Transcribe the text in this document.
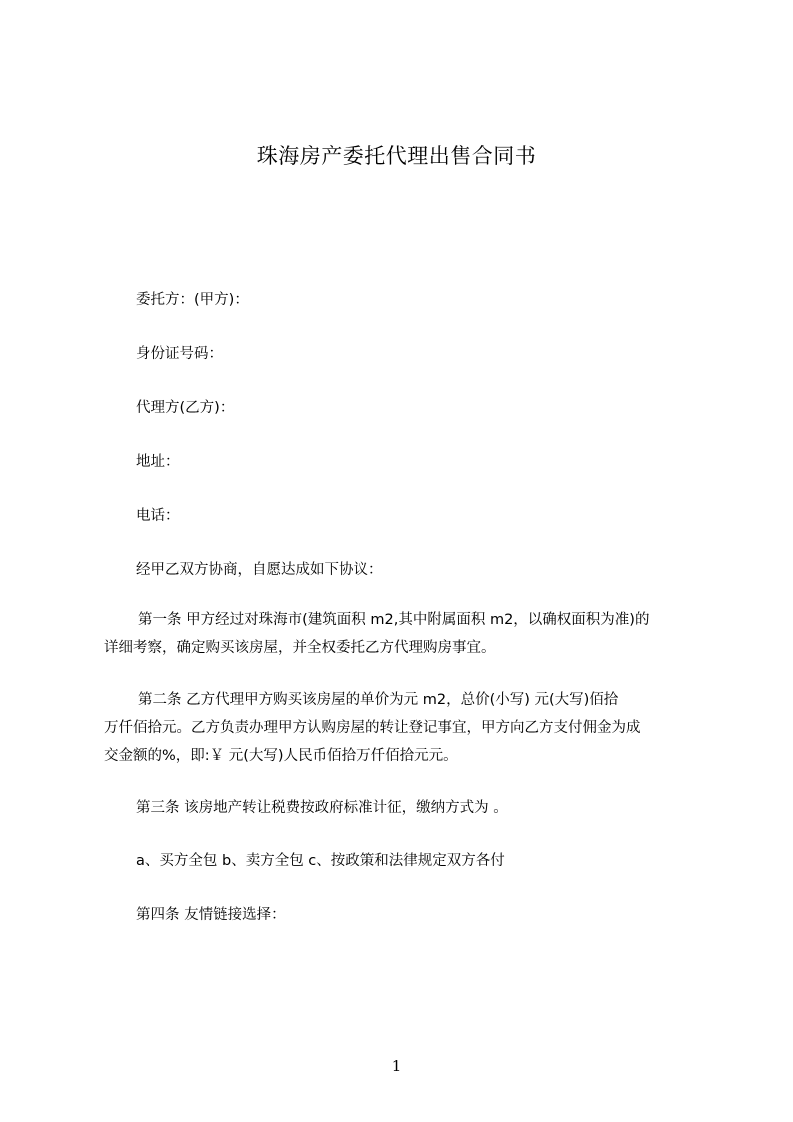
珠海房产委托代理出售合同书
委托方：(甲方)：
身份证号码：
代理方(乙方)：
地址：
电话：
经甲乙双方协商，自愿达成如下协议：
第一条 甲方经过对珠海市(建筑面积 m2,其中附属面积 m2，以确权面积为准)的
详细考察，确定购买该房屋，并全权委托乙方代理购房事宜。
第二条 乙方代理甲方购买该房屋的单价为元 m2，总价(小写) 元(大写)佰拾
万仟佰拾元。乙方负责办理甲方认购房屋的转让登记事宜，甲方向乙方支付佣金为成
交金额的%，即:￥ 元(大写)人民币佰拾万仟佰拾元元。
第三条 该房地产转让税费按政府标准计征，缴纳方式为 。
a、买方全包 b、卖方全包 c、按政策和法律规定双方各付
第四条 友情链接选择：
1
